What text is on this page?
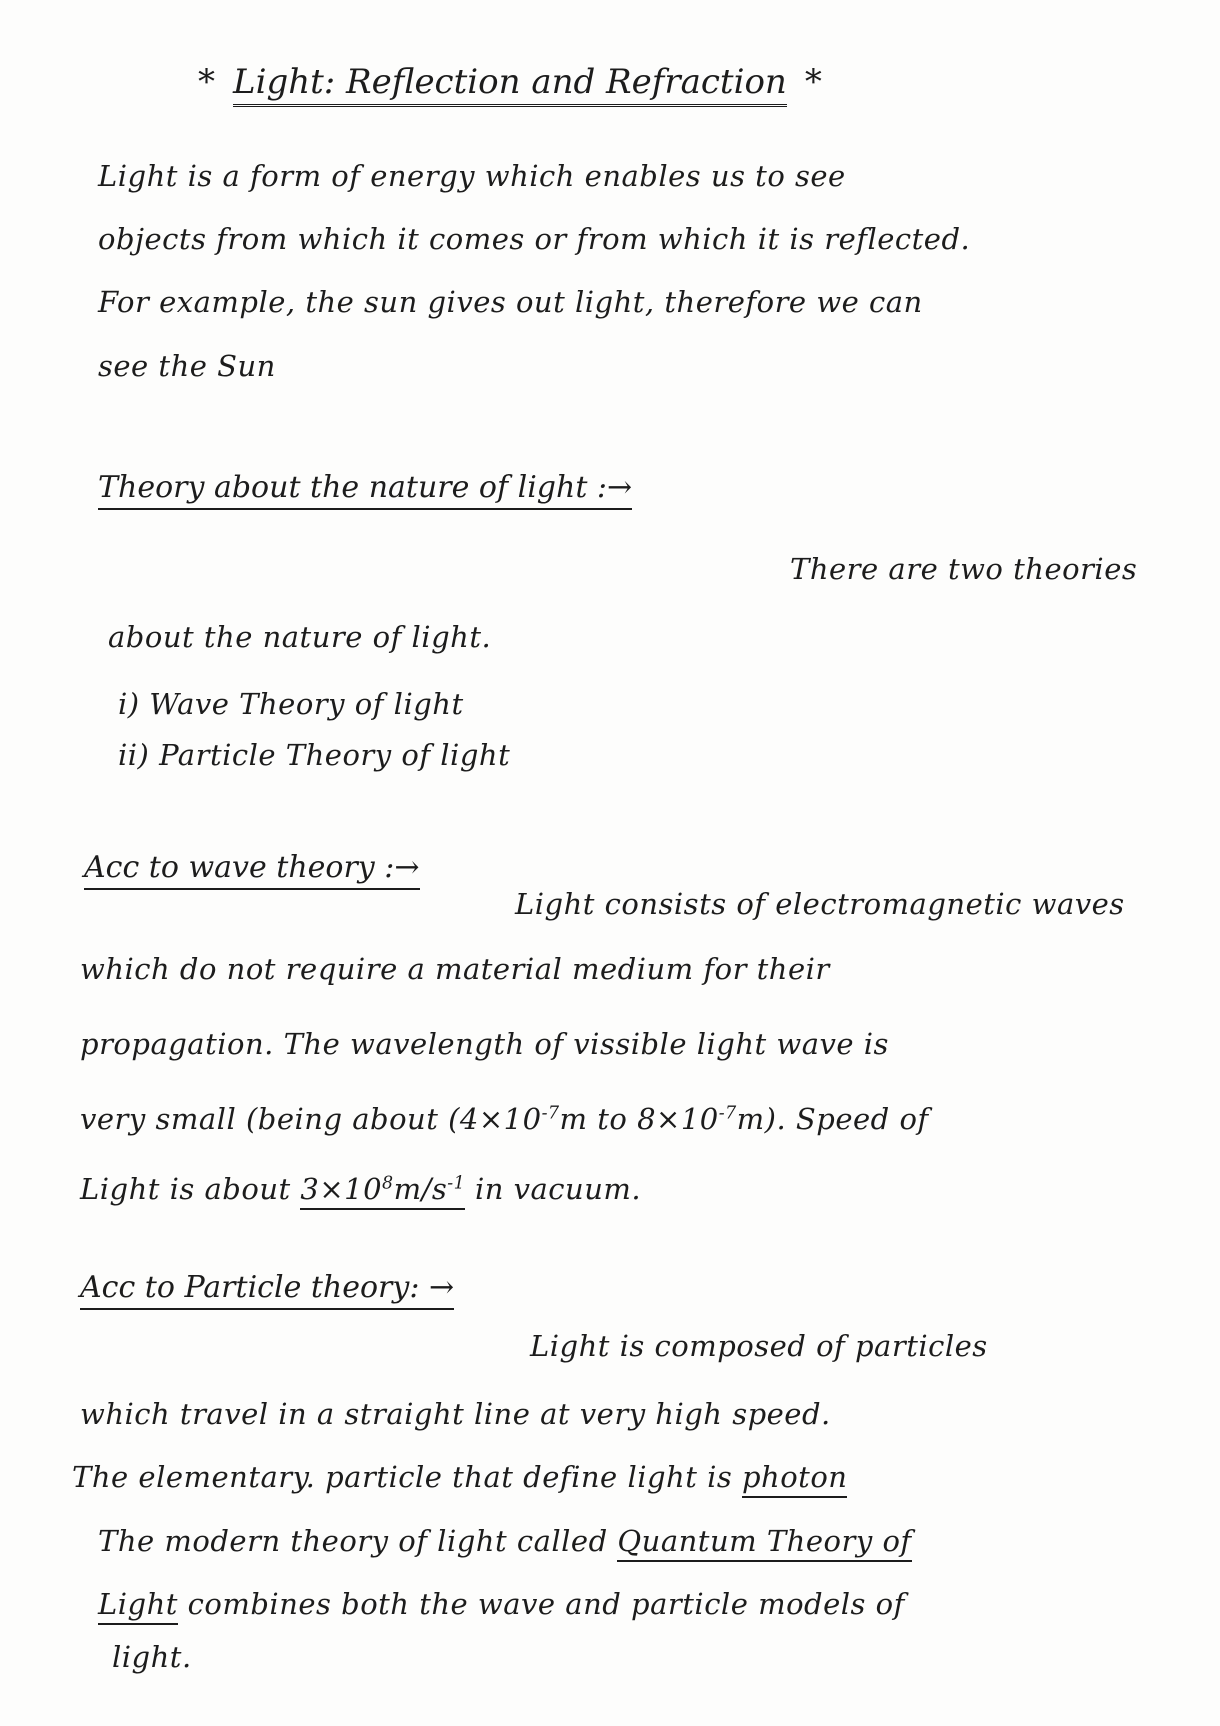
* Light: Reflection and Refraction *
Light is a form of energy which enables us to see
objects from which it comes or from which it is reflected.
For example, the sun gives out light, therefore we can
see the Sun
Theory about the nature of light :→
There are two theories
about the nature of light.
i) Wave Theory of light
ii) Particle Theory of light
Acc to wave theory :→
Light consists of electromagnetic waves
which do not require a material medium for their
propagation. The wavelength of vissible light wave is
very small (being about ($4\times 10^{-7}m$ to $8\times 10^{-7}m$). Speed of
Light is about $3\times 10^8m/s^{-1}$ in vacuum.
Acc to Particle theory: →
Light is composed of particles
which travel in a straight line at very high speed.
The elementary. particle that define light is photon
The modern theory of light called Quantum Theory of
Light combines both the wave and particle models of
light.
